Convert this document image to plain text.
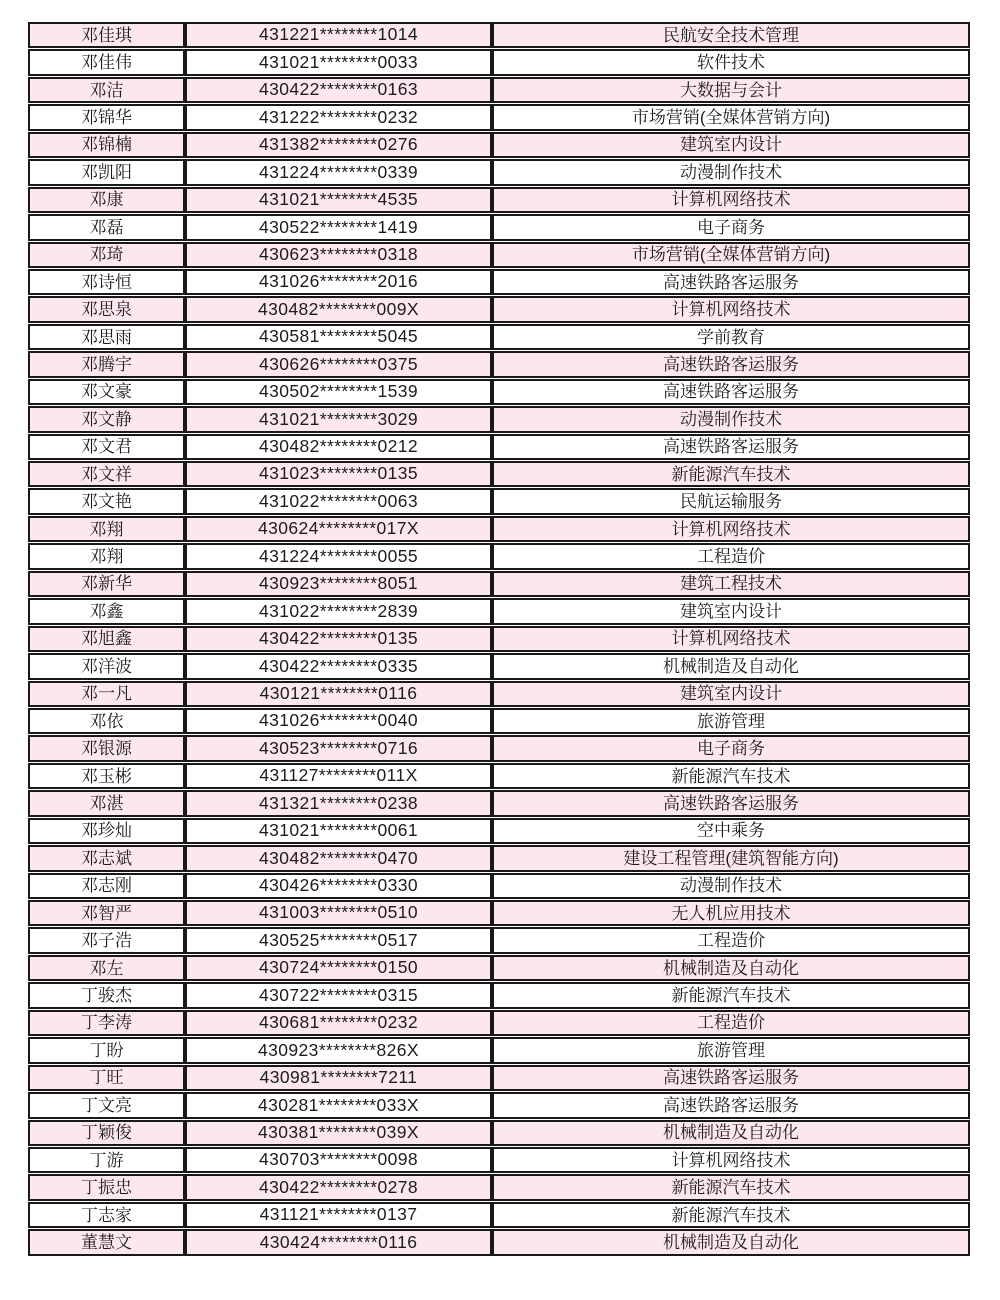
邓佳琪	431221********1014	民航安全技术管理
邓佳伟	431021********0033	软件技术
邓洁	430422********0163	大数据与会计
邓锦华	431222********0232	市场营销(全媒体营销方向)
邓锦楠	431382********0276	建筑室内设计
邓凯阳	431224********0339	动漫制作技术
邓康	431021********4535	计算机网络技术
邓磊	430522********1419	电子商务
邓琦	430623********0318	市场营销(全媒体营销方向)
邓诗恒	431026********2016	高速铁路客运服务
邓思泉	430482********009X	计算机网络技术
邓思雨	430581********5045	学前教育
邓腾宇	430626********0375	高速铁路客运服务
邓文豪	430502********1539	高速铁路客运服务
邓文静	431021********3029	动漫制作技术
邓文君	430482********0212	高速铁路客运服务
邓文祥	431023********0135	新能源汽车技术
邓文艳	431022********0063	民航运输服务
邓翔	430624********017X	计算机网络技术
邓翔	431224********0055	工程造价
邓新华	430923********8051	建筑工程技术
邓鑫	431022********2839	建筑室内设计
邓旭鑫	430422********0135	计算机网络技术
邓洋波	430422********0335	机械制造及自动化
邓一凡	430121********0116	建筑室内设计
邓依	431026********0040	旅游管理
邓银源	430523********0716	电子商务
邓玉彬	431127********011X	新能源汽车技术
邓湛	431321********0238	高速铁路客运服务
邓珍灿	431021********0061	空中乘务
邓志斌	430482********0470	建设工程管理(建筑智能方向)
邓志刚	430426********0330	动漫制作技术
邓智严	431003********0510	无人机应用技术
邓子浩	430525********0517	工程造价
邓左	430724********0150	机械制造及自动化
丁骏杰	430722********0315	新能源汽车技术
丁李涛	430681********0232	工程造价
丁盼	430923********826X	旅游管理
丁旺	430981********7211	高速铁路客运服务
丁文亮	430281********033X	高速铁路客运服务
丁颖俊	430381********039X	机械制造及自动化
丁游	430703********0098	计算机网络技术
丁振忠	430422********0278	新能源汽车技术
丁志家	431121********0137	新能源汽车技术
董慧文	430424********0116	机械制造及自动化
